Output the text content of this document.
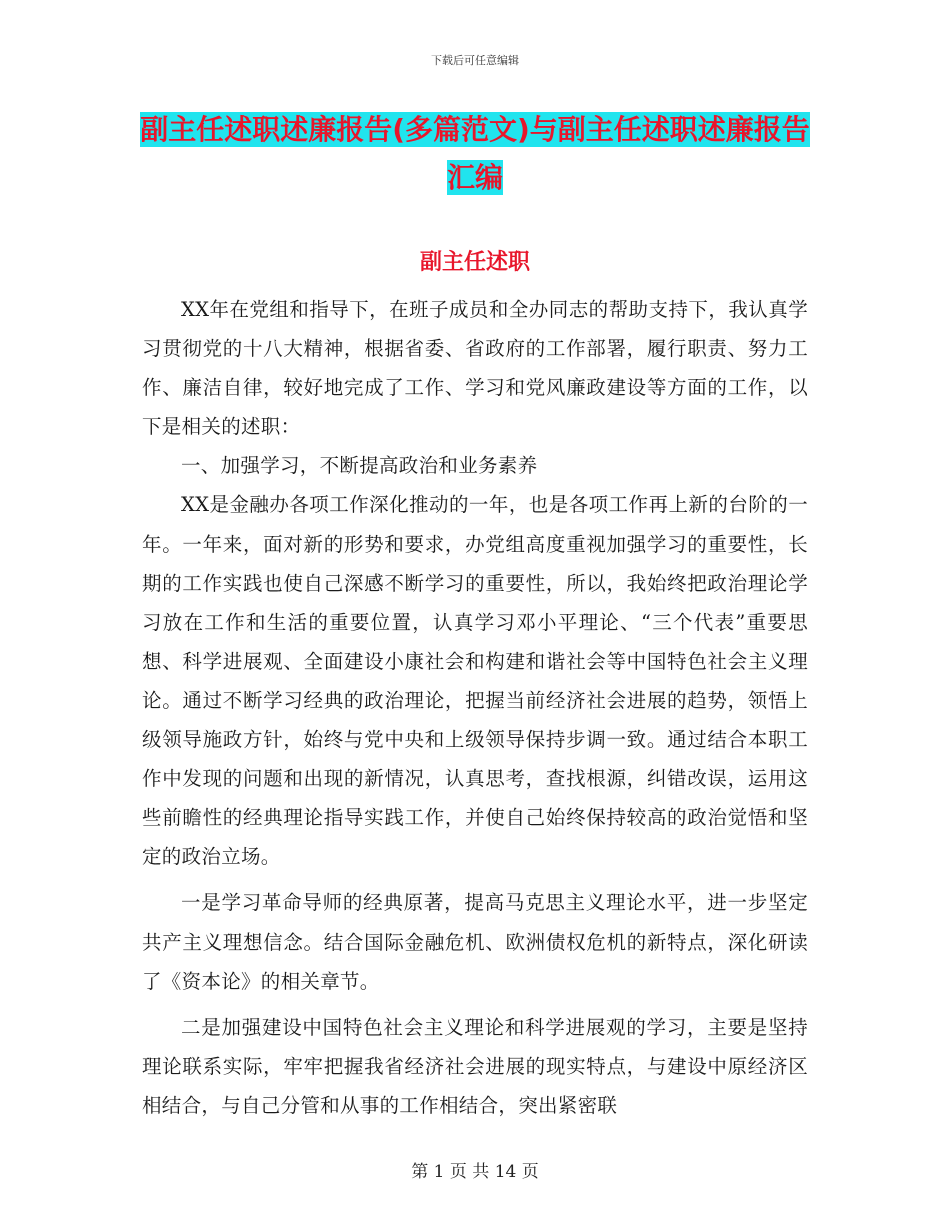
下载后可任意编辑
副主任述职述廉报告(多篇范文)与副主任述职述廉报告汇编
副主任述职

XX年在党组和指导下，在班子成员和全办同志的帮助支持下，我认真学习贯彻党的十八大精神，根据省委、省政府的工作部署，履行职责、努力工作、廉洁自律，较好地完成了工作、学习和党风廉政建设等方面的工作，以下是相关的述职：

一、加强学习，不断提高政治和业务素养

XX是金融办各项工作深化推动的一年，也是各项工作再上新的台阶的一年。一年来，面对新的形势和要求，办党组高度重视加强学习的重要性，长期的工作实践也使自己深感不断学习的重要性，所以，我始终把政治理论学习放在工作和生活的重要位置，认真学习邓小平理论、“三个代表”重要思想、科学进展观、全面建设小康社会和构建和谐社会等中国特色社会主义理论。通过不断学习经典的政治理论，把握当前经济社会进展的趋势，领悟上级领导施政方针，始终与党中央和上级领导保持步调一致。通过结合本职工作中发现的问题和出现的新情况，认真思考，查找根源，纠错改误，运用这些前瞻性的经典理论指导实践工作，并使自己始终保持较高的政治觉悟和坚定的政治立场。

一是学习革命导师的经典原著，提高马克思主义理论水平，进一步坚定共产主义理想信念。结合国际金融危机、欧洲债权危机的新特点，深化研读了《资本论》的相关章节。

二是加强建设中国特色社会主义理论和科学进展观的学习，主要是坚持理论联系实际，牢牢把握我省经济社会进展的现实特点，与建设中原经济区相结合，与自己分管和从事的工作相结合，突出紧密联

第 1 页 共 14 页
